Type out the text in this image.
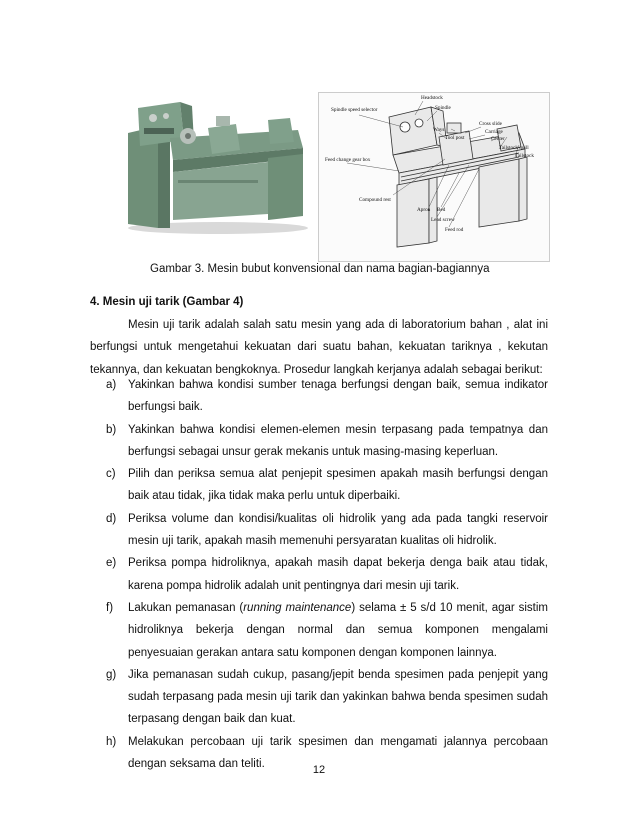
Headstock
Spindle
Spindle speed selector
Ways
Tool post
Cross slide
Carriage
Center
Tailstock quill
Tailstock
Feed change gear box
Compound rest
Apron Bed
Lead screw
Feed rod
Gambar 3. Mesin bubut konvensional dan nama bagian-bagiannya
4. Mesin uji tarik (Gambar 4)

Mesin uji tarik adalah salah satu mesin yang ada di laboratorium bahan , alat ini berfungsi untuk mengetahui kekuatan dari suatu bahan, kekuatan tariknya , kekutan tekannya, dan kekuatan bengkoknya. Prosedur langkah kerjanya adalah sebagai berikut:

a) Yakinkan bahwa kondisi sumber tenaga berfungsi dengan baik, semua indikator berfungsi baik.
b) Yakinkan bahwa kondisi elemen-elemen mesin terpasang pada tempatnya dan berfungsi sebagai unsur gerak mekanis untuk masing-masing keperluan.
c) Pilih dan periksa semua alat penjepit spesimen apakah masih berfungsi dengan baik atau tidak, jika tidak maka perlu untuk diperbaiki.
d) Periksa volume dan kondisi/kualitas oli hidrolik yang ada pada tangki reservoir mesin uji tarik, apakah masih memenuhi persyaratan kualitas oli hidrolik.
e) Periksa pompa hidroliknya, apakah masih dapat bekerja denga baik atau tidak, karena pompa hidrolik adalah unit pentingnya dari mesin uji tarik.
f) Lakukan pemanasan (running maintenance) selama ± 5 s/d 10 menit, agar sistim hidroliknya bekerja dengan normal dan semua komponen mengalami penyesuaian gerakan antara satu komponen dengan komponen lainnya.
g) Jika pemanasan sudah cukup, pasang/jepit benda spesimen pada penjepit yang sudah terpasang pada mesin uji tarik dan yakinkan bahwa benda spesimen sudah terpasang dengan baik dan kuat.
h) Melakukan percobaan uji tarik spesimen dan mengamati jalannya percobaan dengan seksama dan teliti.	12
